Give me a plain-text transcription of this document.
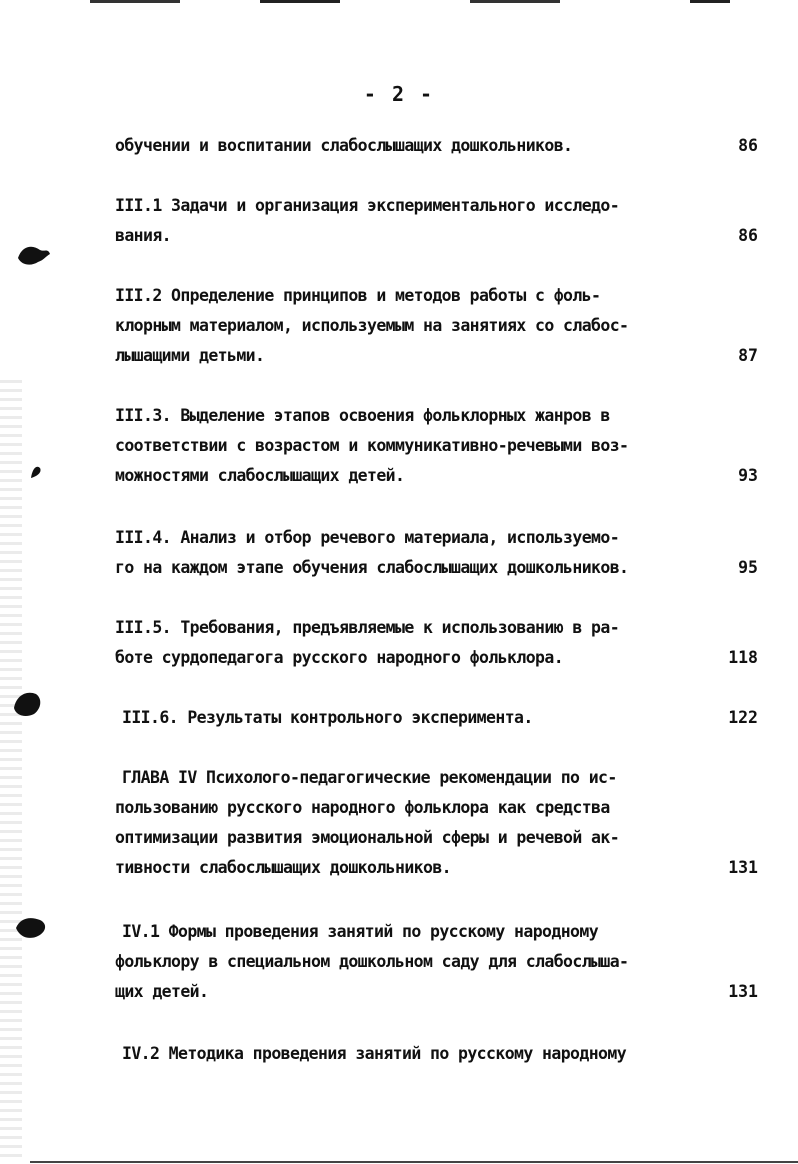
- 2 -
обучении и воспитании слабослышащих дошкольников.	86
III.1 Задачи и организация экспериментального исследо-
вания.	86
III.2 Определение принципов и методов работы с фоль-
клорным материалом, используемым на занятиях со слабос-
лышащими детьми.	87
III.3. Выделение этапов освоения фольклорных жанров в
соответствии с возрастом и коммуникативно-речевыми воз-
можностями слабослышащих детей.	93
III.4. Анализ и отбор речевого материала, используемо-
го на каждом этапе обучения слабослышащих дошкольников.	95
III.5. Требования, предъявляемые к использованию в ра-
боте сурдопедагога русского народного фольклора.	118
III.6. Результаты контрольного эксперимента.	122
ГЛАВА IV Психолого-педагогические рекомендации по ис-
пользованию русского народного фольклора как средства
оптимизации развития эмоциональной сферы и речевой ак-
тивности слабослышащих дошкольников.	131
IV.1 Формы проведения занятий по русскому народному
фольклору в специальном дошкольном саду для слабослыша-
щих детей.	131
IV.2 Методика проведения занятий по русскому народному
